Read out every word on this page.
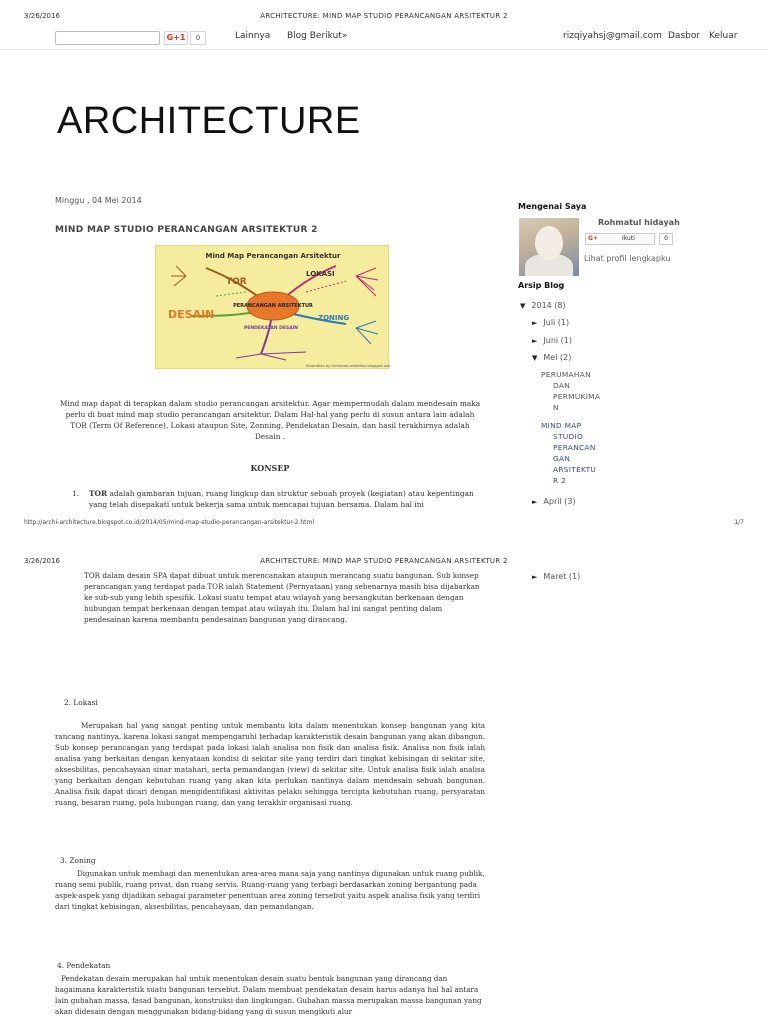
3/26/2016	ARCHITECTURE: MIND MAP STUDIO PERANCANGAN ARSITEKTUR 2
G+1	0	Lainnya Blog Berikut»	rizqiyahsj@gmail.com Dasbor Keluar
ARCHITECTURE
Minggu , 04 Mei 2014
MIND MAP STUDIO PERANCANGAN ARSITEKTUR 2
Mind Map Perancangan Arsitektur
PERANCANGAN ARSITEKTUR
TOR
LOKASI
DESAIN	ZONING
PENDEKATAN DESAIN
Illustration by: Informasi-arsitektur.blogspot.com
Mind map dapat di terapkan dalam studio perancangan arsitektur. Agar mempermudah dalam mendesain maka perlu di buat mind map studio perancangan arsitektur. Dalam Hal-hal yang perlu di susun antara lain adalah TOR (Term Of Reference), Lokasi ataupun Site, Zonning, Pendekatan Desain, dan hasil terakhirnya adalah Desain .
KONSEP
1. TOR adalah gambaran tujuan, ruang lingkup dan struktur sebuah proyek (kegiatan) atau kepentingan yang telah disepakati untuk bekerja sama untuk mencapai tujuan bersama. Dalam hal ini
Mengenai Saya
Rohmatul hidayah
G+	Ikuti	0
Lihat profil lengkapku
Arsip Blog
▼ 2014 (8)
► Juli (1)
► Juni (1)
▼ Mei (2)
PERUMAHAN
DAN
PERMUKIMA
N
MIND MAP
STUDIO
PERANCAN
GAN
ARSITEKTU
R 2
► April (3)
http://archi-architecture.blogspot.co.id/2014/05/mind-map-studio-perancangan-arsitektur-2.html	1/7
3/26/2016	ARCHITECTURE: MIND MAP STUDIO PERANCANGAN ARSITEKTUR 2
TOR dalam desain SPA dapat dibuat untuk merencanakan ataupun merancang suatu bangunan. Sub konsep perancangan yang terdapat pada TOR ialah Statement (Pernyataan) yang sebenarnya masih bisa dijabarkan ke sub-sub yang lebih spesifik. Lokasi suatu tempat atau wilayah yang bersangkutan berkenaan dengan hubungan tempat berkenaan dengan tempat atau wilayah itu. Dalam hal ini sangat penting dalam pendesainan karena membantu pendesainan bangunan yang dirancang.
► Maret (1)
2. Lokasi
Merupakan hal yang sangat penting untuk membantu kita dalam menentukan konsep bangunan yang kita rancang nantinya, karena lokasi sangat mempengaruhi terhadap karakteristik desain bangunan yang akan dibangun. Sub konsep perancangan yang terdapat pada lokasi ialah analisa non fisik dan analisa fisik. Analisa non fisik ialah analisa yang berkaitan dengan kenyataan kondisi di sekitar site yang terdiri dari tingkat kebisingan di sekitar site, aksesbilitas, pencahayaan sinar matahari, serta pemandangan (view) di sekitar site. Untuk analisa fisik ialah analisa yang berkaitan dengan kebutuhan ruang yang akan kita perlukan nantinya dalam mendesain sebuah bangunan. Analisa fisik dapat dicari dengan mengidentifikasi aktivitas pelaku sehingga tercipta kebutuhan ruang, persyaratan ruang, besaran ruang, pola hubungan ruang, dan yang terakhir organisasi ruang.
3. Zoning
Digunakan untuk membagi dan menentukan area-area mana saja yang nantinya digunakan untuk ruang publik, ruang semi publik, ruang privat, dan ruang servis. Ruang-ruang yang terbagi berdasarkan zoning bergantung pada aspek-aspek yang dijadikan sebagai parameter penentuan area zoning tersebut yaitu aspek analisa fisik yang terdiri dari tingkat kebisingan, aksesbilitas, pencahayaan, dan pemandangan.
4. Pendekatan
Pendekatan desain merupakan hal untuk menentukan desain suatu bentuk bangunan yang dirancang dan bagaimana karakteristik suatu bangunan tersebut. Dalam membuat pendekatan desain harus adanya hal hal antara lain gubahan massa, fasad bangunan, konstruksi dan lingkungan. Gubahan massa merupakan massa bangunan yang akan didesain dengan menggunakan bidang-bidang yang di susun mengikuti alur
